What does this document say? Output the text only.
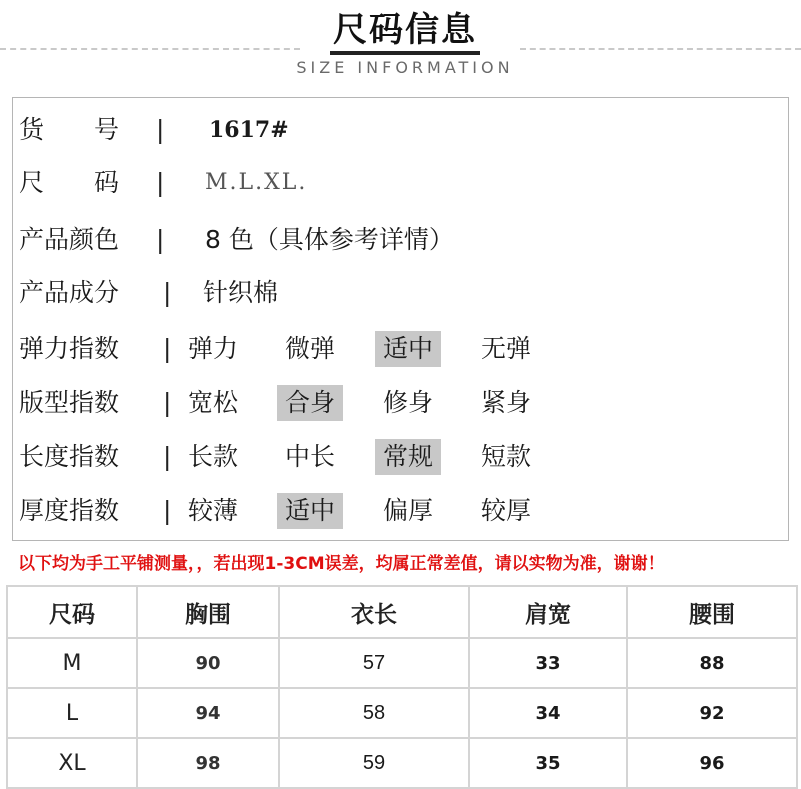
尺码信息
SIZE INFORMATION
货　　号 | 1617#
尺　　码 | M.L.XL.
产品颜色 | 8 色（具体参考详情）
产品成分 | 针织棉
弹力指数 | 弹力 微弹	适中	无弹
版型指数 | 宽松	合身	修身 紧身
长度指数 | 长款 中长	常规	短款
厚度指数 | 较薄	适中	偏厚 较厚
以下均为手工平铺测量，，若出现1-3CM误差，均属正常差值，请以实物为准，谢谢！
尺码	胸围	衣长	肩宽	腰围
M	90	57	33	88
L	94	58	34	92
XL	98	59	35	96
